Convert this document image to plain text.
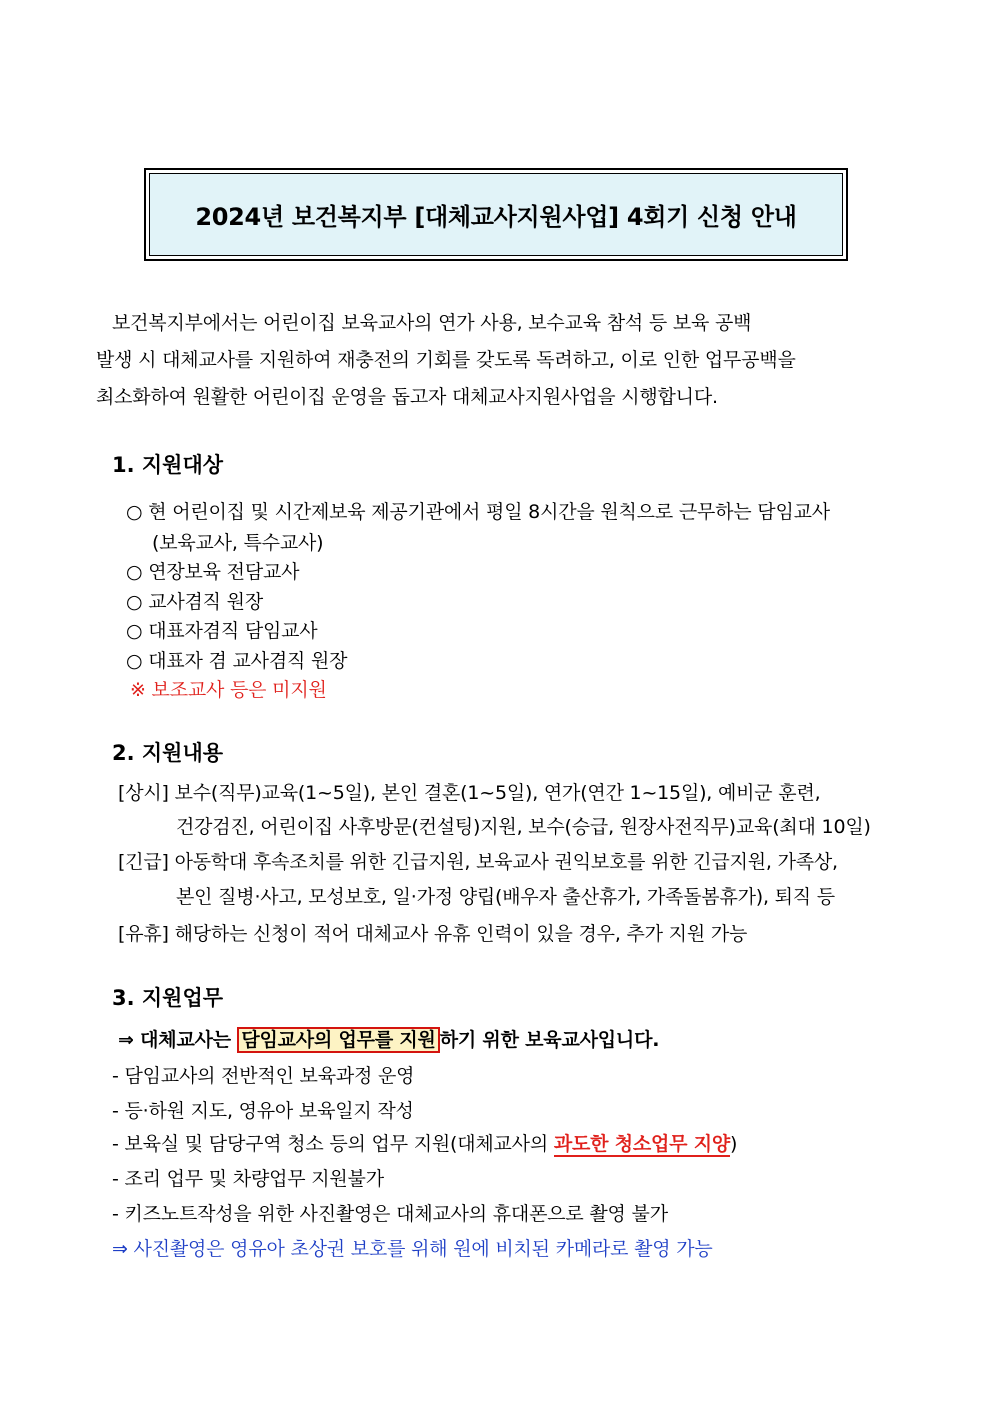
2024년 보건복지부 [대체교사지원사업] 4회기 신청 안내
보건복지부에서는 어린이집 보육교사의 연가 사용, 보수교육 참석 등 보육 공백
발생 시 대체교사를 지원하여 재충전의 기회를 갖도록 독려하고, 이로 인한 업무공백을
최소화하여 원활한 어린이집 운영을 돕고자 대체교사지원사업을 시행합니다.
1. 지원대상
○ 현 어린이집 및 시간제보육 제공기관에서 평일 8시간을 원칙으로 근무하는 담임교사
(보육교사, 특수교사)
○ 연장보육 전담교사
○ 교사겸직 원장
○ 대표자겸직 담임교사
○ 대표자 겸 교사겸직 원장
※ 보조교사 등은 미지원
2. 지원내용
[상시] 보수(직무)교육(1~5일), 본인 결혼(1~5일), 연가(연간 1~15일), 예비군 훈련,
건강검진, 어린이집 사후방문(컨설팅)지원, 보수(승급, 원장사전직무)교육(최대 10일)
[긴급] 아동학대 후속조치를 위한 긴급지원, 보육교사 권익보호를 위한 긴급지원, 가족상,
본인 질병·사고, 모성보호, 일·가정 양립(배우자 출산휴가, 가족돌봄휴가), 퇴직 등
[유휴] 해당하는 신청이 적어 대체교사 유휴 인력이 있을 경우, 추가 지원 가능
3. 지원업무
⇒ 대체교사는 담임교사의 업무를 지원 하기 위한 보육교사입니다.
- 담임교사의 전반적인 보육과정 운영
- 등·하원 지도, 영유아 보육일지 작성
- 보육실 및 담당구역 청소 등의 업무 지원(대체교사의 과도한 청소업무 지양)
- 조리 업무 및 차량업무 지원불가
- 키즈노트작성을 위한 사진촬영은 대체교사의 휴대폰으로 촬영 불가
⇒ 사진촬영은 영유아 초상권 보호를 위해 원에 비치된 카메라로 촬영 가능
